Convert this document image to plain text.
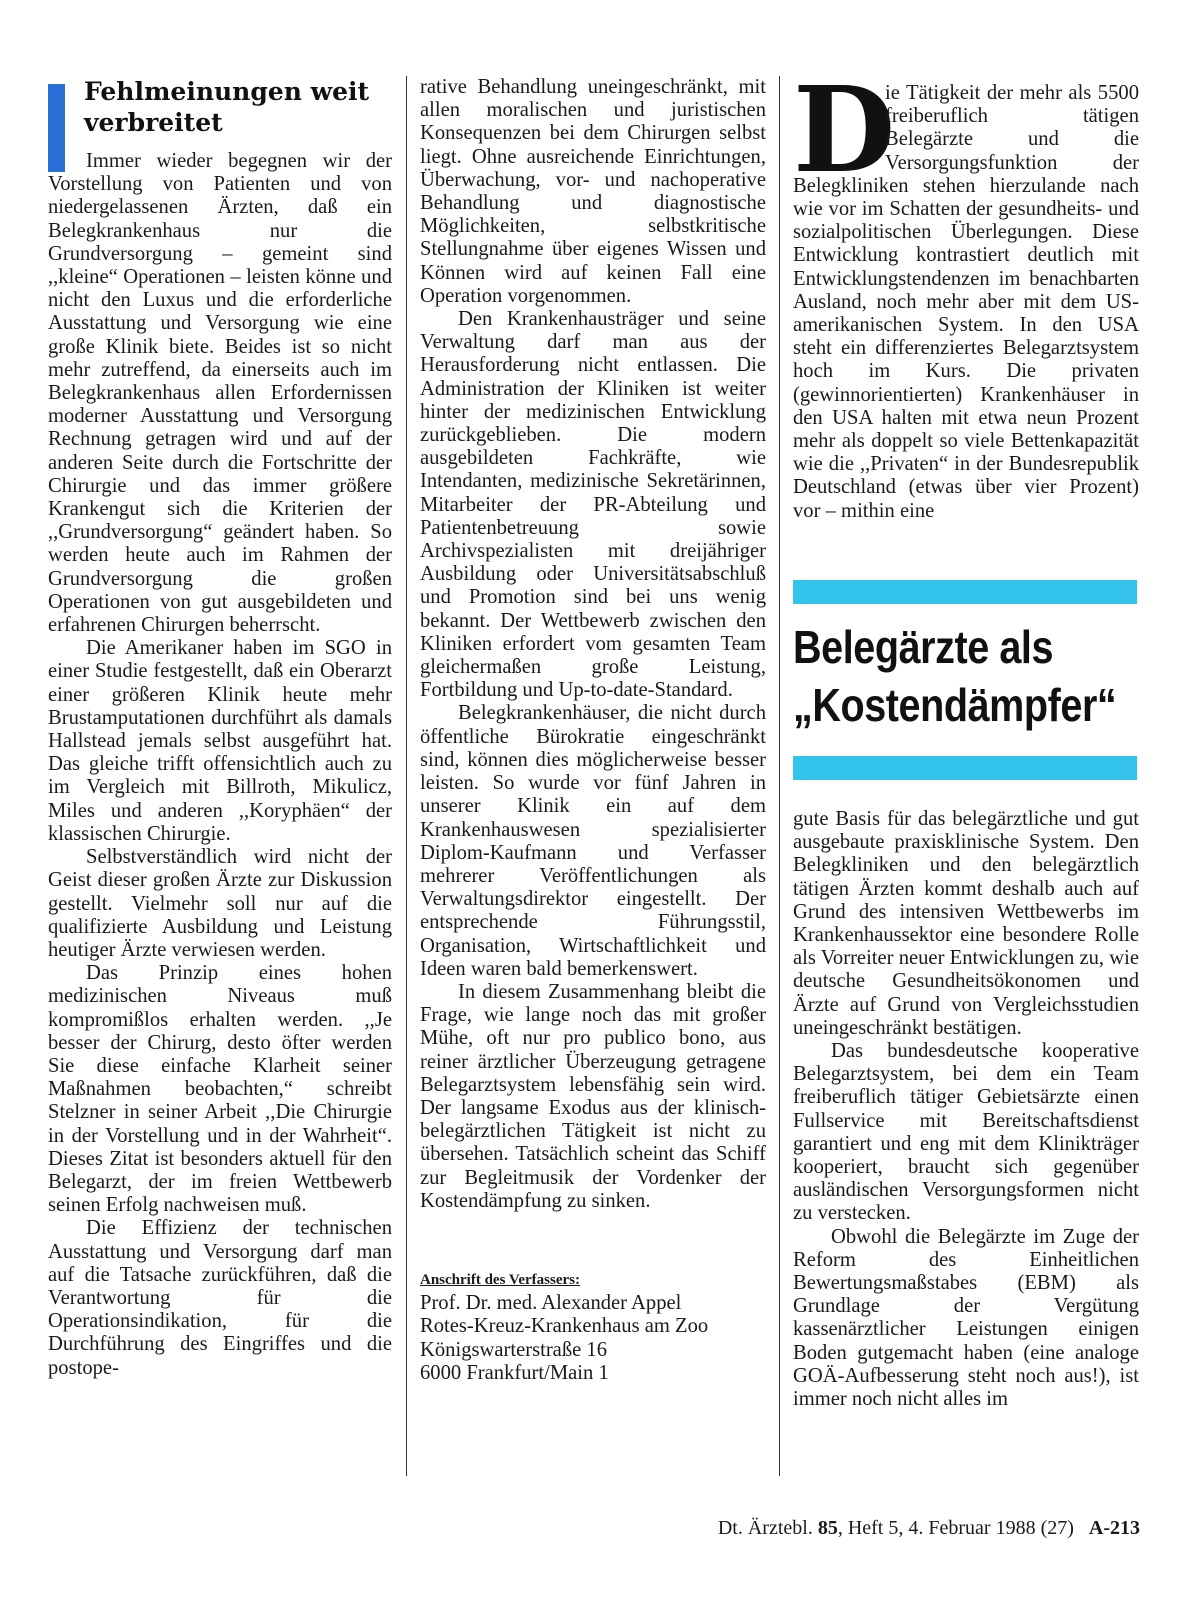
Fehlmeinungen weit verbreitet

Immer wieder begegnen wir der Vorstellung von Patienten und von niedergelassenen Ärzten, daß ein Belegkrankenhaus nur die Grundversorgung – gemeint sind ,,kleine“ Operationen – leisten könne und nicht den Luxus und die erforderliche Ausstattung und Versorgung wie eine große Klinik biete. Beides ist so nicht mehr zutreffend, da einerseits auch im Belegkrankenhaus allen Erfordernissen moderner Ausstattung und Versorgung Rechnung getragen wird und auf der anderen Seite durch die Fortschritte der Chirurgie und das immer größere Krankengut sich die Kriterien der ,,Grundversorgung“ geändert haben. So werden heute auch im Rahmen der Grundversorgung die großen Operationen von gut ausgebildeten und erfahrenen Chirurgen beherrscht.

Die Amerikaner haben im SGO in einer Studie festgestellt, daß ein Oberarzt einer größeren Klinik heute mehr Brustamputationen durchführt als damals Hallstead jemals selbst ausgeführt hat. Das gleiche trifft offensichtlich auch zu im Vergleich mit Billroth, Mikulicz, Miles und anderen ,,Koryphäen“ der klassischen Chirurgie.

Selbstverständlich wird nicht der Geist dieser großen Ärzte zur Diskussion gestellt. Vielmehr soll nur auf die qualifizierte Ausbildung und Leistung heutiger Ärzte verwiesen werden.

Das Prinzip eines hohen medizinischen Niveaus muß kompromißlos erhalten werden. ,,Je besser der Chirurg, desto öfter werden Sie diese einfache Klarheit seiner Maßnahmen beobachten,“ schreibt Stelzner in seiner Arbeit ,,Die Chirurgie in der Vorstellung und in der Wahrheit“. Dieses Zitat ist besonders aktuell für den Belegarzt, der im freien Wettbewerb seinen Erfolg nachweisen muß.

Die Effizienz der technischen Ausstattung und Versorgung darf man auf die Tatsache zurückführen, daß die Verantwortung für die Operationsindikation, für die Durchführung des Eingriffes und die postope-

rative Behandlung uneingeschränkt, mit allen moralischen und juristischen Konsequenzen bei dem Chirurgen selbst liegt. Ohne ausreichende Einrichtungen, Überwachung, vor- und nachoperative Behandlung und diagnostische Möglichkeiten, selbstkritische Stellungnahme über eigenes Wissen und Können wird auf keinen Fall eine Operation vorgenommen.

Den Krankenhausträger und seine Verwaltung darf man aus der Herausforderung nicht entlassen. Die Administration der Kliniken ist weiter hinter der medizinischen Entwicklung zurückgeblieben. Die modern ausgebildeten Fachkräfte, wie Intendanten, medizinische Sekretärinnen, Mitarbeiter der PR-Abteilung und Patientenbetreuung sowie Archivspezialisten mit dreijähriger Ausbildung oder Universitätsabschluß und Promotion sind bei uns wenig bekannt. Der Wettbewerb zwischen den Kliniken erfordert vom gesamten Team gleichermaßen große Leistung, Fortbildung und Up-to-date-Standard.

Belegkrankenhäuser, die nicht durch öffentliche Bürokratie eingeschränkt sind, können dies möglicherweise besser leisten. So wurde vor fünf Jahren in unserer Klinik ein auf dem Krankenhauswesen spezialisierter Diplom-Kaufmann und Verfasser mehrerer Veröffentlichungen als Verwaltungsdirektor eingestellt. Der entsprechende Führungsstil, Organisation, Wirtschaftlichkeit und Ideen waren bald bemerkenswert.

In diesem Zusammenhang bleibt die Frage, wie lange noch das mit großer Mühe, oft nur pro publico bono, aus reiner ärztlicher Überzeugung getragene Belegarztsystem lebensfähig sein wird. Der langsame Exodus aus der klinisch-belegärztlichen Tätigkeit ist nicht zu übersehen. Tatsächlich scheint das Schiff zur Begleitmusik der Vordenker der Kostendämpfung zu sinken.

Anschrift des Verfassers:
Prof. Dr. med. Alexander Appel
Rotes-Kreuz-Krankenhaus am Zoo
Königswarterstraße 16
6000 Frankfurt/Main 1
D

ie Tätigkeit der mehr als 5500 freiberuflich tätigen Belegärzte und die Versorgungsfunktion der Belegkliniken stehen hierzulande nach wie vor im Schatten der gesundheits- und sozialpolitischen Überlegungen. Diese Entwicklung kontrastiert deutlich mit Entwicklungstendenzen im benachbarten Ausland, noch mehr aber mit dem US-amerikanischen System. In den USA steht ein differenziertes Belegarztsystem hoch im Kurs. Die privaten (gewinnorientierten) Krankenhäuser in den USA halten mit etwa neun Prozent mehr als doppelt so viele Bettenkapazität wie die ,,Privaten“ in der Bundesrepublik Deutschland (etwas über vier Prozent) vor – mithin eine

Belegärzte als
„Kostendämpfer“

gute Basis für das belegärztliche und gut ausgebaute praxisklinische System. Den Belegkliniken und den belegärztlich tätigen Ärzten kommt deshalb auch auf Grund des intensiven Wettbewerbs im Krankenhaussektor eine besondere Rolle als Vorreiter neuer Entwicklungen zu, wie deutsche Gesundheitsökonomen und Ärzte auf Grund von Vergleichsstudien uneingeschränkt bestätigen.

Das bundesdeutsche kooperative Belegarztsystem, bei dem ein Team freiberuflich tätiger Gebietsärzte einen Fullservice mit Bereitschaftsdienst garantiert und eng mit dem Klinikträger kooperiert, braucht sich gegenüber ausländischen Versorgungsformen nicht zu verstecken.

Obwohl die Belegärzte im Zuge der Reform des Einheitlichen Bewertungsmaßstabes (EBM) als Grundlage der Vergütung kassenärztlicher Leistungen einigen Boden gutgemacht haben (eine analoge GOÄ-Aufbesserung steht noch aus!), ist immer noch nicht alles im

Dt. Ärztebl. 85, Heft 5, 4. Februar 1988 (27) A-213
